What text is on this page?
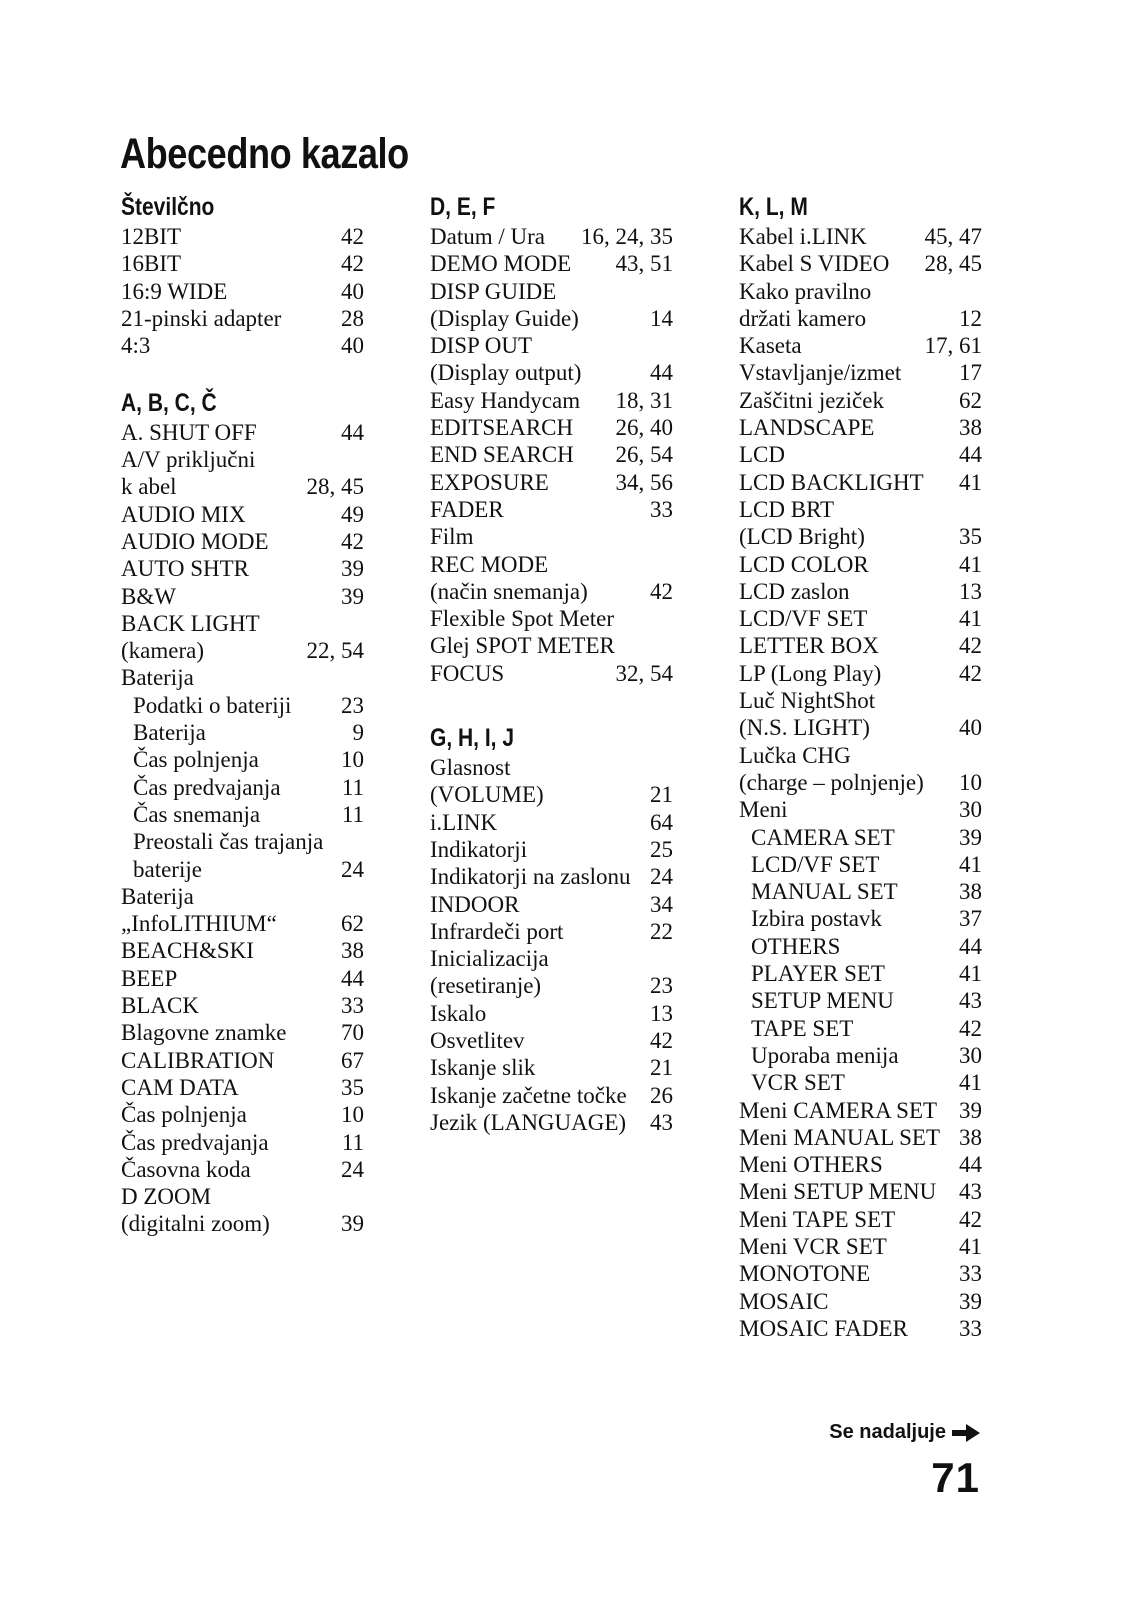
Abecedno kazalo
Številčno
12BIT	42
16BIT	42
16:9 WIDE	40
21-pinski adapter	28
4:3	40
A, B, C, Č
A. SHUT OFF	44
A/V priključni
k abel	28, 45
AUDIO MIX	49
AUDIO MODE	42
AUTO SHTR	39
B&W	39
BACK LIGHT
(kamera)	22, 54
Baterija
Podatki o bateriji 23
Baterija	9
Čas polnjenja	10
Čas predvajanja	11
Čas snemanja	11
Preostali čas trajanja
baterije	24
Baterija
„InfoLITHIUM“	62
BEACH&SKI	38
BEEP	44
BLACK	33
Blagovne znamke 70
CALIBRATION	67
CAM DATA	35
Čas polnjenja	10
Čas predvajanja	11
Časovna koda	24
D ZOOM
(digitalni zoom)	39
D, E, F
Datum / Ura 16, 24, 35
DEMO MODE 43, 51
DISP GUIDE
(Display Guide)	14
DISP OUT
(Display output)	44
Easy Handycam 18, 31
EDITSEARCH 26, 40
END SEARCH 26, 54
EXPOSURE	34, 56
FADER	33
Film
REC MODE
(način snemanja)	42
Flexible Spot Meter
Glej SPOT METER
FOCUS	32, 54
G, H, I, J
Glasnost
(VOLUME)	21
i.LINK	64
Indikatorji	25
Indikatorji na zaslonu 24
INDOOR	34
Infrardeči port	22
Inicializacija
(resetiranje)	23
Iskalo	13
Osvetlitev	42
Iskanje slik	21
Iskanje začetne točke 26
Jezik (LANGUAGE) 43
K, L, M
Kabel i.LINK	45, 47
Kabel S VIDEO 28, 45
Kako pravilno
držati kamero	12
Kaseta	17, 61
Vstavljanje/izmet	17
Zaščitni jeziček	62
LANDSCAPE	38
LCD	44
LCD BACKLIGHT 41
LCD BRT
(LCD Bright)	35
LCD COLOR	41
LCD zaslon	13
LCD/VF SET	41
LETTER BOX	42
LP (Long Play)	42
Luč NightShot
(N.S. LIGHT)	40
Lučka CHG
(charge – polnjenje) 10
Meni	30
CAMERA SET	39
LCD/VF SET	41
MANUAL SET	38
Izbira postavk	37
OTHERS	44
PLAYER SET	41
SETUP MENU	43
TAPE SET	42
Uporaba menija	30
VCR SET	41
Meni CAMERA SET 39
Meni MANUAL SET 38
Meni OTHERS	44
Meni SETUP MENU 43
Meni TAPE SET	42
Meni VCR SET	41
MONOTONE	33
MOSAIC	39
MOSAIC FADER 33
Se nadaljuje
71
